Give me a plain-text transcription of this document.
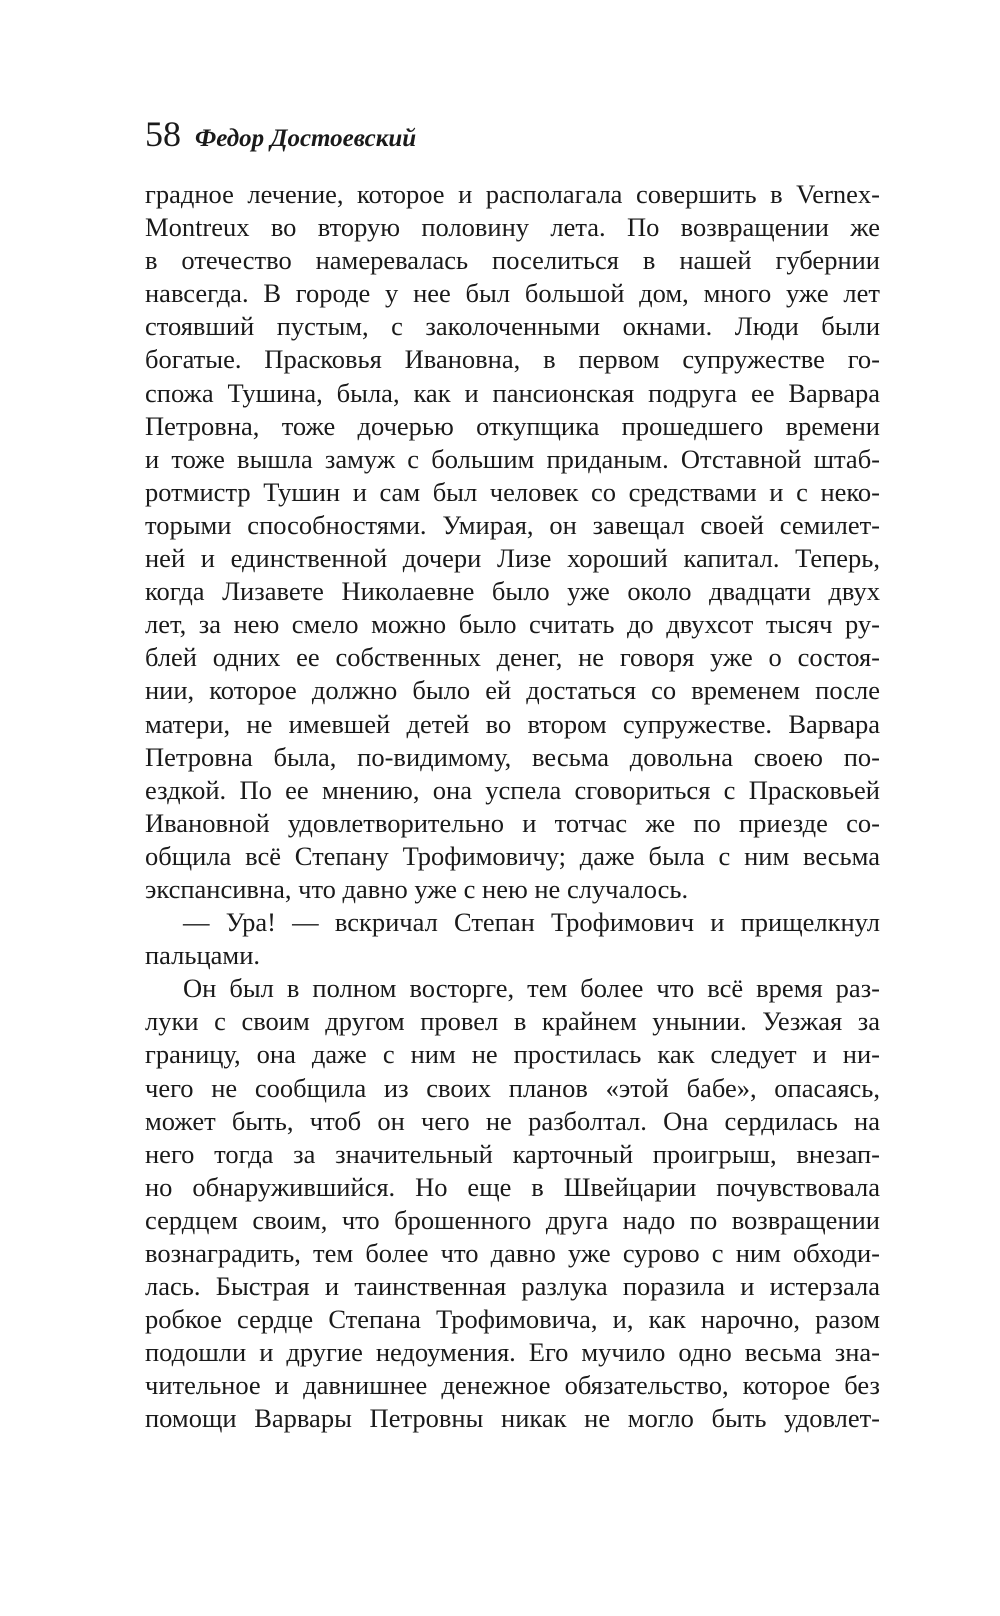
58 Федор Достоевский
градное лечение, которое и располагала совершить в Vernex-
Montreux во вторую половину лета. По возвращении же
в отечество намеревалась поселиться в нашей губернии
навсегда. В городе у нее был большой дом, много уже лет
стоявший пустым, с заколоченными окнами. Люди были
богатые. Прасковья Ивановна, в первом супружестве го-
спожа Тушина, была, как и пансионская подруга ее Варвара
Петровна, тоже дочерью откупщика прошедшего времени
и тоже вышла замуж с большим приданым. Отставной штаб-
ротмистр Тушин и сам был человек со средствами и с неко-
торыми способностями. Умирая, он завещал своей семилет-
ней и единственной дочери Лизе хороший капитал. Теперь,
когда Лизавете Николаевне было уже около двадцати двух
лет, за нею смело можно было считать до двухсот тысяч ру-
блей одних ее собственных денег, не говоря уже о состоя-
нии, которое должно было ей достаться со временем после
матери, не имевшей детей во втором супружестве. Варвара
Петровна была, по-видимому, весьма довольна своею по-
ездкой. По ее мнению, она успела сговориться с Прасковьей
Ивановной удовлетворительно и тотчас же по приезде со-
общила всё Степану Трофимовичу; даже была с ним весьма
экспансивна, что давно уже с нею не случалось.
— Ура! — вскричал Степан Трофимович и прищелкнул
пальцами.
Он был в полном восторге, тем более что всё время раз-
луки с своим другом провел в крайнем унынии. Уезжая за
границу, она даже с ним не простилась как следует и ни-
чего не сообщила из своих планов «этой бабе», опасаясь,
может быть, чтоб он чего не разболтал. Она сердилась на
него тогда за значительный карточный проигрыш, внезап-
но обнаружившийся. Но еще в Швейцарии почувствовала
сердцем своим, что брошенного друга надо по возвращении
вознаградить, тем более что давно уже сурово с ним обходи-
лась. Быстрая и таинственная разлука поразила и истерзала
робкое сердце Степана Трофимовича, и, как нарочно, разом
подошли и другие недоумения. Его мучило одно весьма зна-
чительное и давнишнее денежное обязательство, которое без
помощи Варвары Петровны никак не могло быть удовлет-
